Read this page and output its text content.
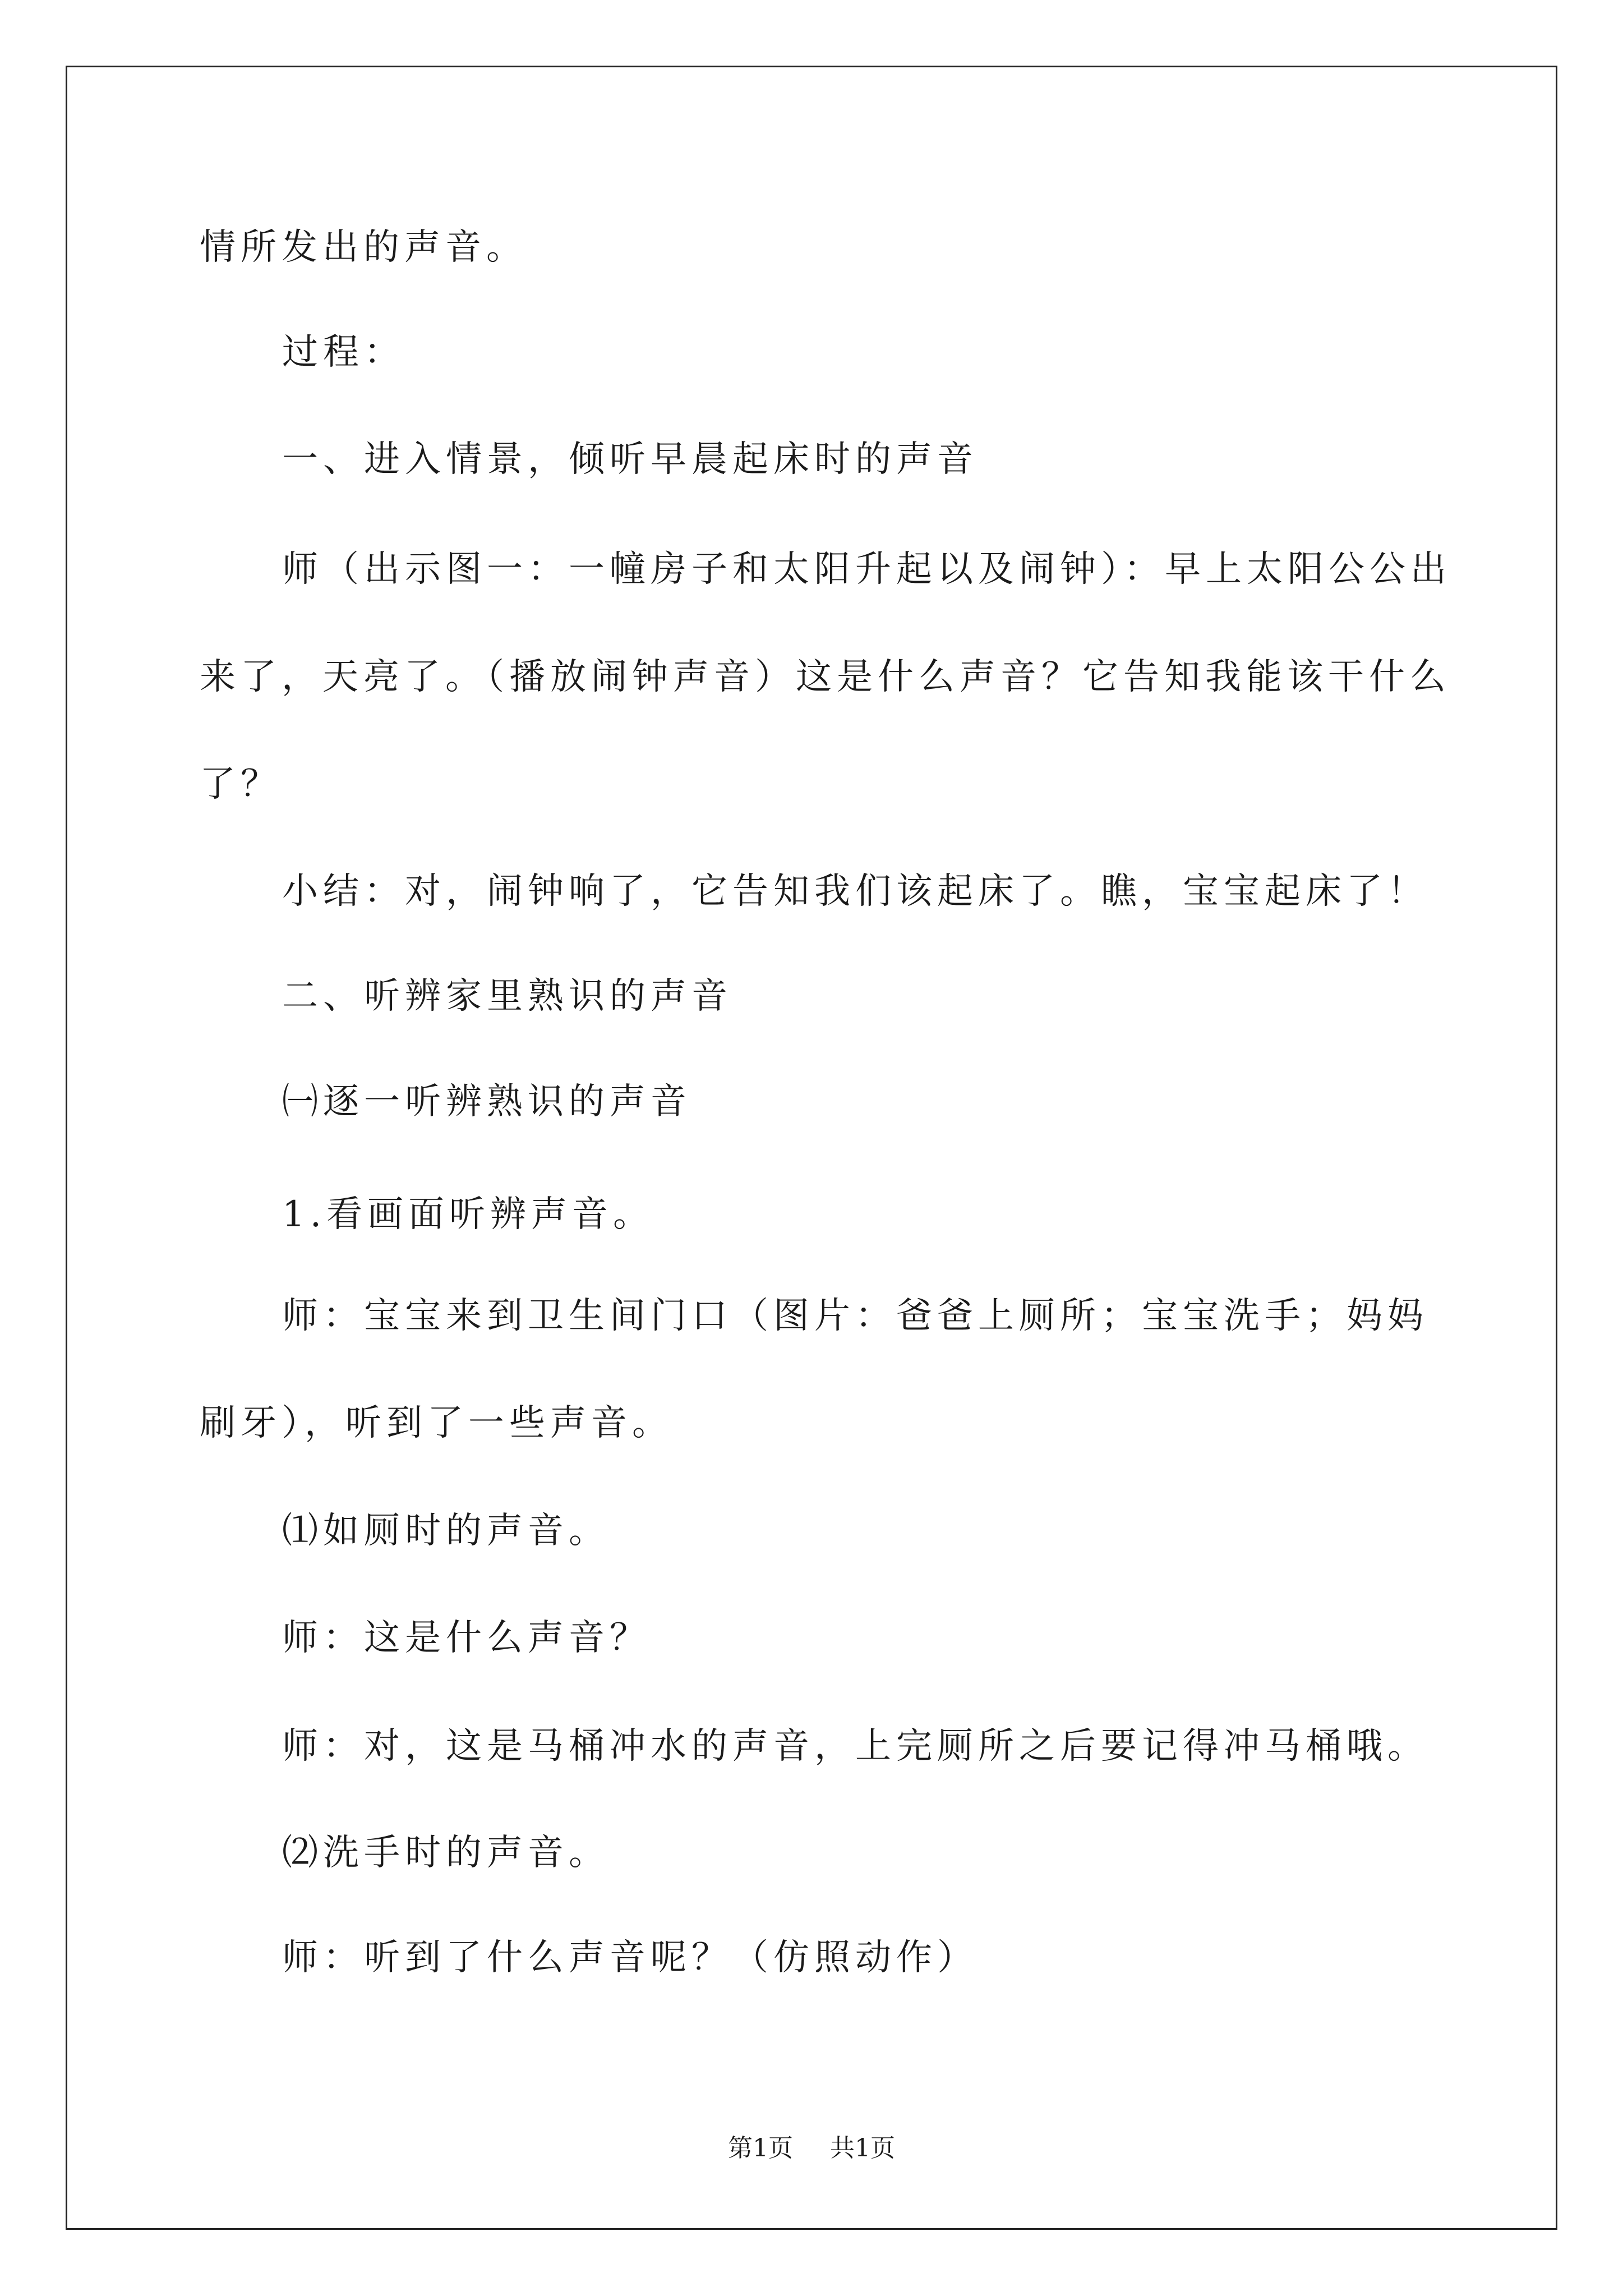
情所发出的声音。
过程：
一、进入情景，倾听早晨起床时的声音
师（出示图一：一幢房子和太阳升起以及闹钟）：早上太阳公公出
来了，天亮了。（播放闹钟声音）这是什么声音？它告知我能该干什么
了？
小结：对，闹钟响了，它告知我们该起床了。瞧，宝宝起床了！
二、听辨家里熟识的声音
㈠逐一听辨熟识的声音
1.看画面听辨声音。
师：宝宝来到卫生间门口（图片：爸爸上厕所；宝宝洗手；妈妈
刷牙），听到了一些声音。
⑴如厕时的声音。
师：这是什么声音？
师：对，这是马桶冲水的声音，上完厕所之后要记得冲马桶哦。
⑵洗手时的声音。
师：听到了什么声音呢？（仿照动作）
第1页 共1页
